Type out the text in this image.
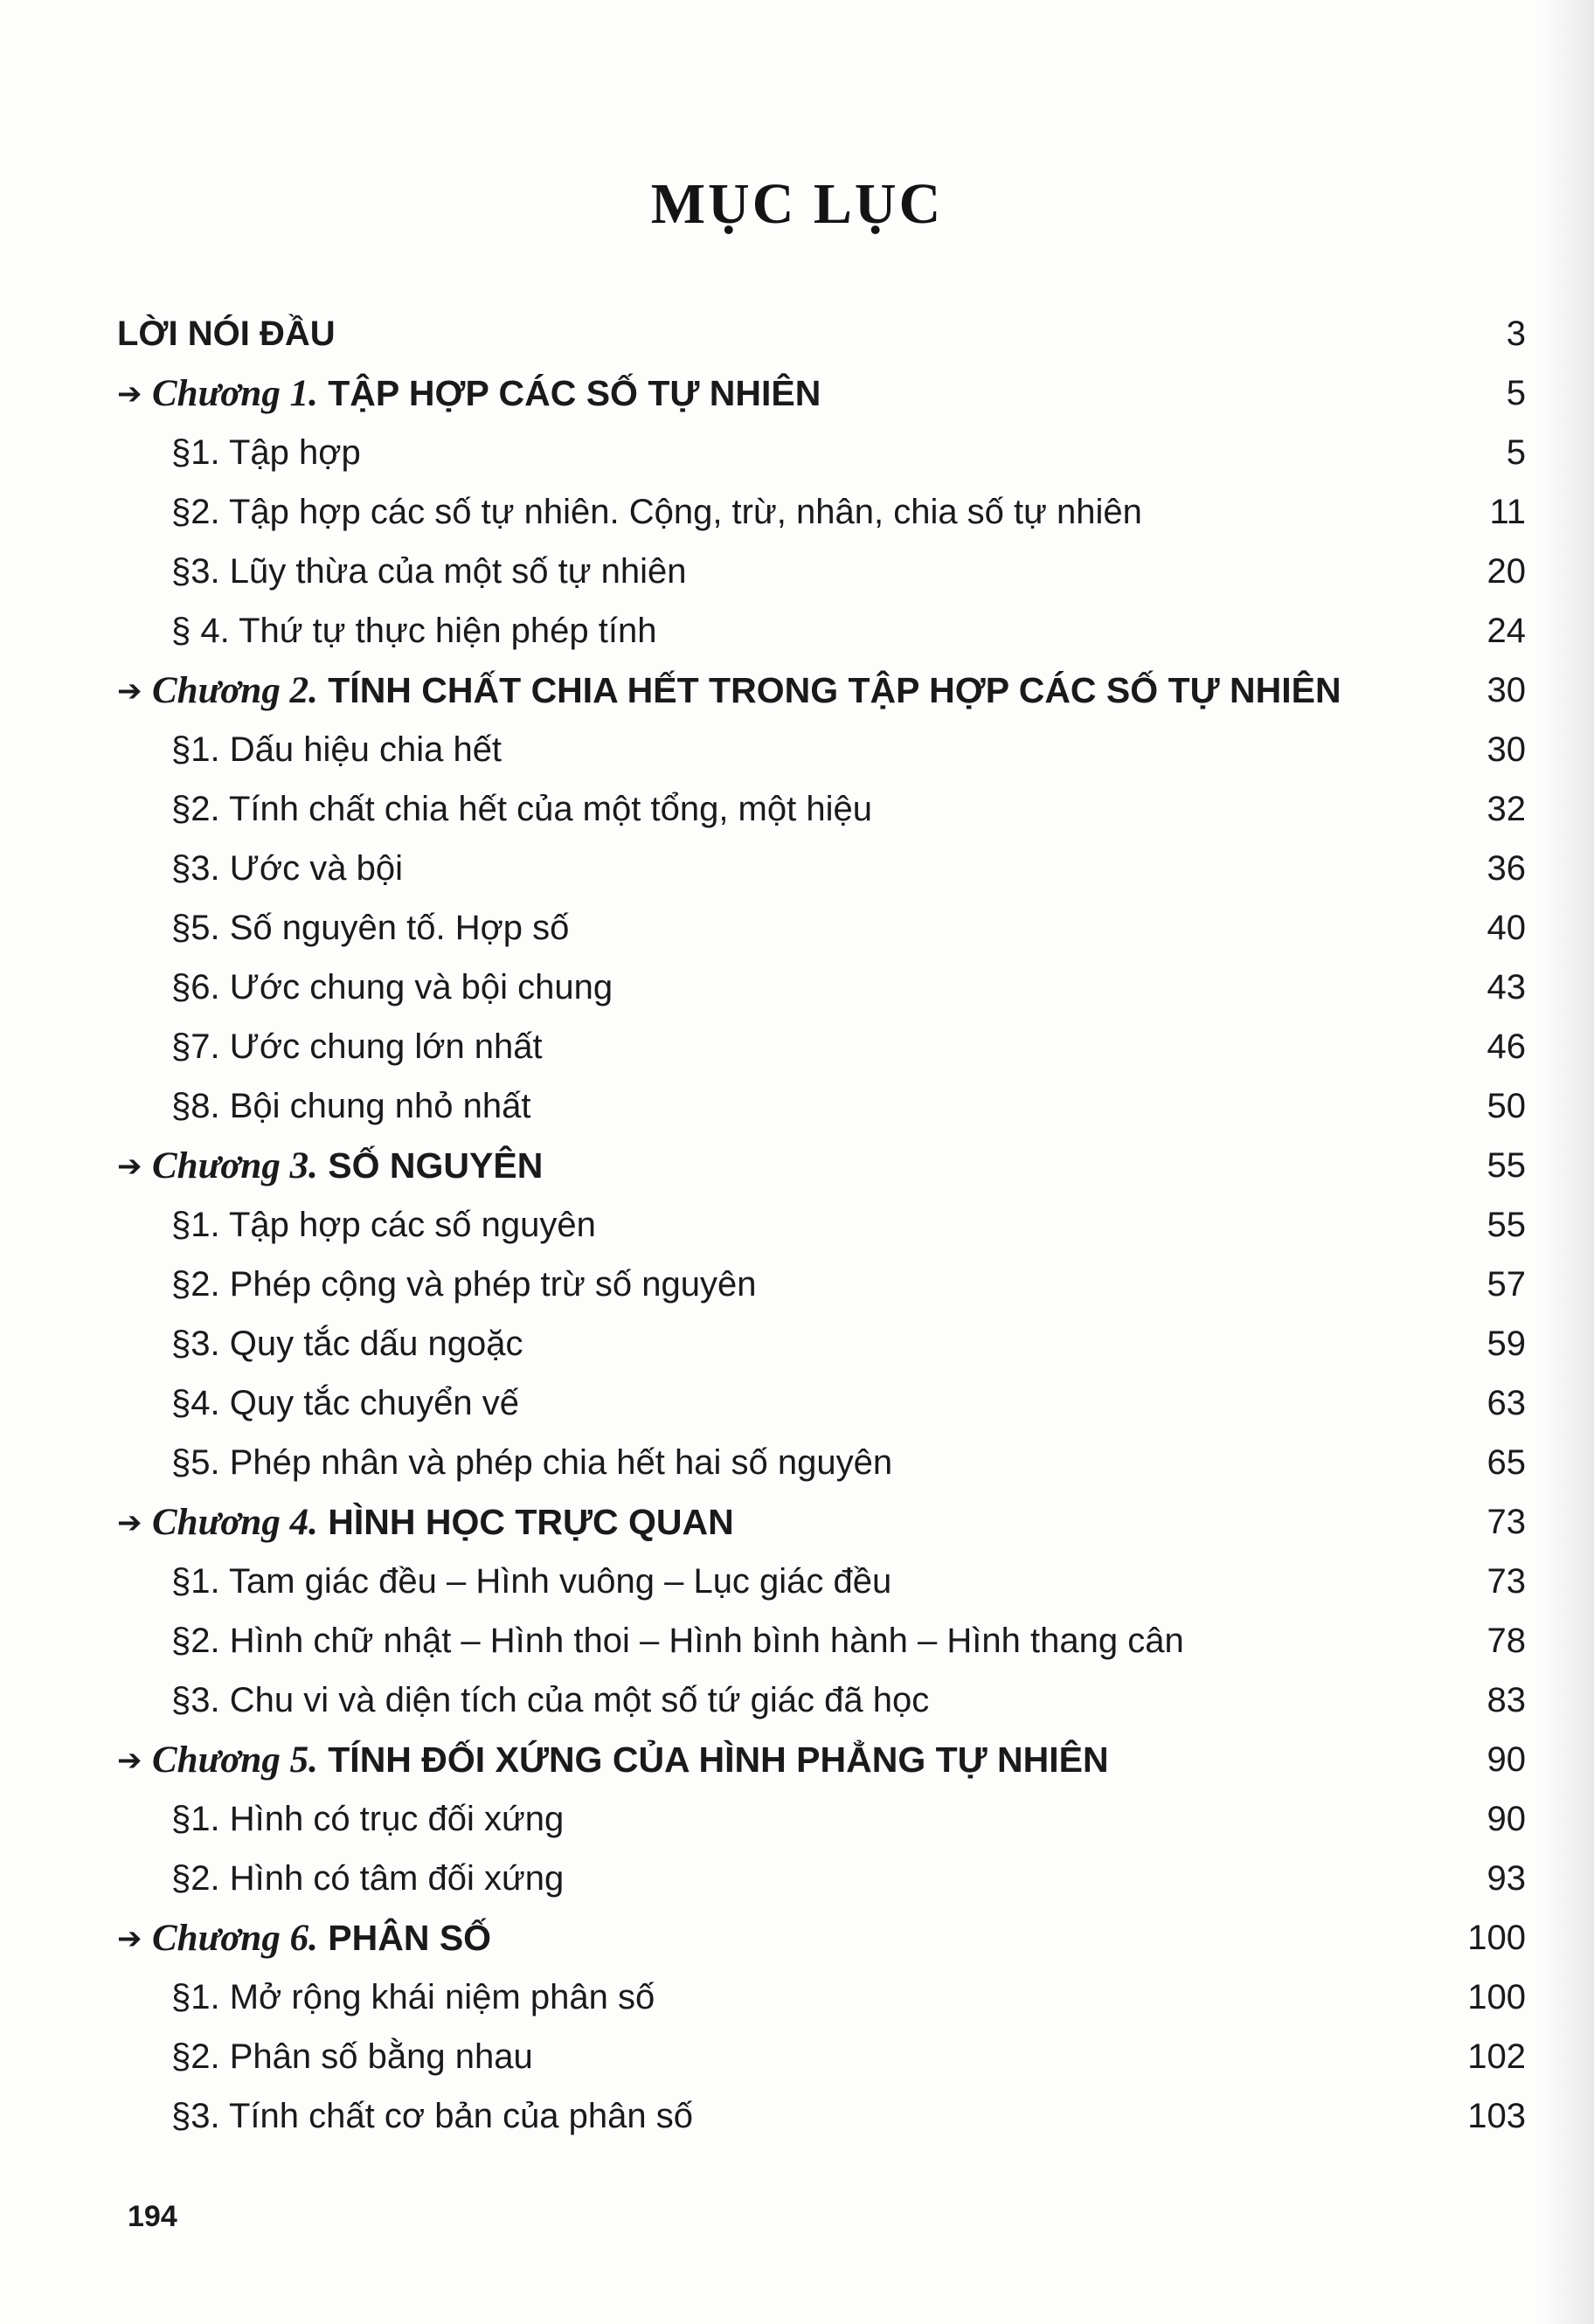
MỤC LỤC
LỜI NÓI ĐẦU	3
➔ Chương 1. TẬP HỢP CÁC SỐ TỰ NHIÊN	5
§1. Tập hợp	5
§2. Tập hợp các số tự nhiên. Cộng, trừ, nhân, chia số tự nhiên	11
§3. Lũy thừa của một số tự nhiên	20
§ 4. Thứ tự thực hiện phép tính	24
➔ Chương 2. TÍNH CHẤT CHIA HẾT TRONG TẬP HỢP CÁC SỐ TỰ NHIÊN	30
§1. Dấu hiệu chia hết	30
§2. Tính chất chia hết của một tổng, một hiệu	32
§3. Ước và bội	36
§5. Số nguyên tố. Hợp số	40
§6. Ước chung và bội chung	43
§7. Ước chung lớn nhất	46
§8. Bội chung nhỏ nhất	50
➔ Chương 3. SỐ NGUYÊN	55
§1. Tập hợp các số nguyên	55
§2. Phép cộng và phép trừ số nguyên	57
§3. Quy tắc dấu ngoặc	59
§4. Quy tắc chuyển vế	63
§5. Phép nhân và phép chia hết hai số nguyên	65
➔ Chương 4. HÌNH HỌC TRỰC QUAN	73
§1. Tam giác đều – Hình vuông – Lục giác đều	73
§2. Hình chữ nhật – Hình thoi – Hình bình hành – Hình thang cân	78
§3. Chu vi và diện tích của một số tứ giác đã học	83
➔ Chương 5. TÍNH ĐỐI XỨNG CỦA HÌNH PHẲNG TỰ NHIÊN	90
§1. Hình có trục đối xứng	90
§2. Hình có tâm đối xứng	93
➔ Chương 6. PHÂN SỐ	100
§1. Mở rộng khái niệm phân số	100
§2. Phân số bằng nhau	102
§3. Tính chất cơ bản của phân số	103
194
